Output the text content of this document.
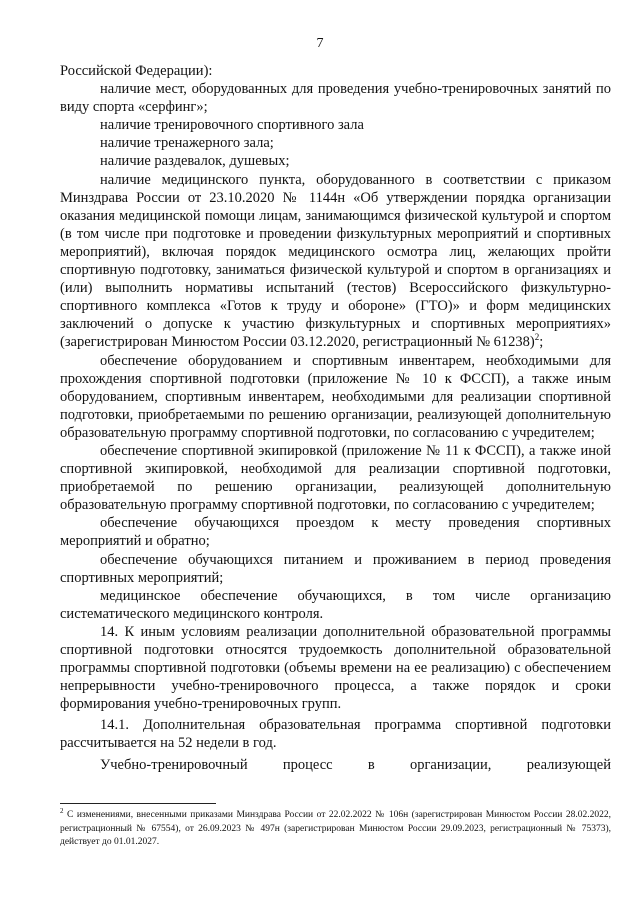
7

Российской Федерации):

наличие мест, оборудованных для проведения учебно-тренировочных занятий по виду спорта «серфинг»;

наличие тренировочного спортивного зала

наличие тренажерного зала;

наличие раздевалок, душевых;

наличие медицинского пункта, оборудованного в соответствии с приказом Минздрава России от 23.10.2020 № 1144н «Об утверждении порядка организации оказания медицинской помощи лицам, занимающимся физической культурой и спортом (в том числе при подготовке и проведении физкультурных мероприятий и спортивных мероприятий), включая порядок медицинского осмотра лиц, желающих пройти спортивную подготовку, заниматься физической культурой и спортом в организациях и (или) выполнить нормативы испытаний (тестов) Всероссийского физкультурно-спортивного комплекса «Готов к труду и обороне» (ГТО)» и форм медицинских заключений о допуске к участию физкультурных и спортивных мероприятиях» (зарегистрирован Минюстом России 03.12.2020, регистрационный № 61238)$^2$;

обеспечение оборудованием и спортивным инвентарем, необходимыми для прохождения спортивной подготовки (приложение № 10 к ФССП), а также иным оборудованием, спортивным инвентарем, необходимыми для реализации спортивной подготовки, приобретаемыми по решению организации, реализующей дополнительную образовательную программу спортивной подготовки, по согласованию с учредителем;

обеспечение спортивной экипировкой (приложение № 11 к ФССП), а также иной спортивной экипировкой, необходимой для реализации спортивной подготовки, приобретаемой по решению организации, реализующей дополнительную образовательную программу спортивной подготовки, по согласованию с учредителем;

обеспечение обучающихся проездом к месту проведения спортивных мероприятий и обратно;

обеспечение обучающихся питанием и проживанием в период проведения спортивных мероприятий;

медицинское обеспечение обучающихся, в том числе организацию систематического медицинского контроля.

14. К иным условиям реализации дополнительной образовательной программы спортивной подготовки относятся трудоемкость дополнительной образовательной программы спортивной подготовки (объемы времени на ее реализацию) с обеспечением непрерывности учебно-тренировочного процесса, а также порядок и сроки формирования учебно-тренировочных групп.

14.1. Дополнительная образовательная программа спортивной подготовки рассчитывается на 52 недели в год.

Учебно-тренировочный процесс в организации, реализующей

$^2$ С изменениями, внесенными приказами Минздрава России от 22.02.2022 № 106н (зарегистрирован Минюстом России 28.02.2022, регистрационный № 67554), от 26.09.2023 № 497н (зарегистрирован Минюстом России 29.09.2023, регистрационный № 75373), действует до 01.01.2027.
